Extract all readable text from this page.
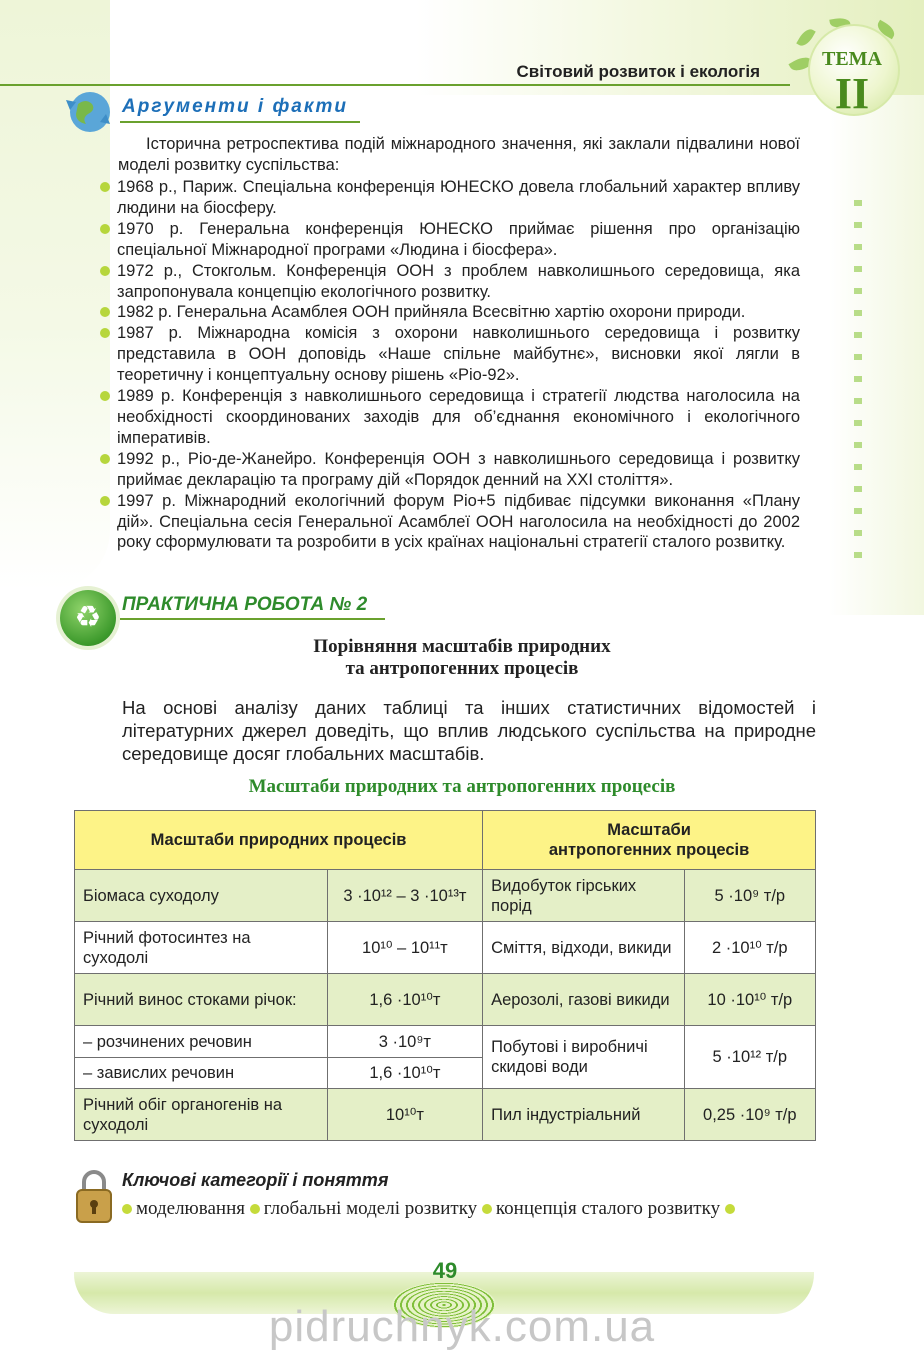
Світовий розвиток і екологія
ТЕМА
II
Аргументи і факти
Історична ретроспектива подій міжнародного значення, які заклали підвалини нової моделі розвитку суспільства:
1968 р., Париж. Спеціальна конференція ЮНЕСКО довела глобальний характер впливу людини на біосферу.
1970 р. Генеральна конференція ЮНЕСКО приймає рішення про організацію спеціальної Міжнародної програми «Людина і біосфера».
1972 р., Стокгольм. Конференція ООН з проблем навколишнього середовища, яка запропонувала концепцію екологічного розвитку.
1982 р. Генеральна Асамблея ООН прийняла Всесвітню хартію охорони природи.
1987 р. Міжнародна комісія з охорони навколишнього середовища і розвитку представила в ООН доповідь «Наше спільне майбутнє», висновки якої лягли в теоретичну і концептуальну основу рішень «Ріо-92».
1989 р. Конференція з навколишнього середовища і стратегії людства наголосила на необхідності скоординованих заходів для об’єднання економічного і екологічного імперативів.
1992 р., Ріо-де-Жанейро. Конференція ООН з навколишнього середовища і розвитку приймає декларацію та програму дій «Порядок денний на XXI століття».
1997 р. Міжнародний екологічний форум Ріо+5 підбиває підсумки виконання «Плану дій». Спеціальна сесія Генеральної Асамблеї ООН наголосила на необхідності до 2002 року сформулювати та розробити в усіх країнах національні стратегії сталого розвитку.
♻	ПРАКТИЧНА РОБОТА № 2
Порівняння масштабів природних
та антропогенних процесів
На основі аналізу даних таблиці та інших статистичних відомостей і літературних джерел доведіть, що вплив людського суспільства на природне середовище досяг глобальних масштабів.
Масштаби природних та антропогенних процесів
Масштаби природних процесів		Масштаби
антропогенних процесів	
Біомаса суходолу	3 ·10¹² – 3 ·10¹³т	Видобуток гірських порід	5 ·10⁹ т/р
Річний фотосинтез на суходолі	10¹⁰ – 10¹¹т	Сміття, відходи, викиди	2 ·10¹⁰ т/р
Річний винос стоками річок:	1,6 ·10¹⁰т	Аерозолі, газові викиди	10 ·10¹⁰ т/р
– розчинених речовин	3 ·10⁹т	Побутові і виробничі скидові води	5 ·10¹² т/р
– завислих речовин	1,6 ·10¹⁰т		
Річний обіг органогенів на суходолі	10¹⁰т	Пил індустріальний	0,25 ·10⁹ т/р
Ключові категорії і поняття
моделювання глобальні моделі розвитку концепція сталого розвитку
49
pidruchnyk.com.ua
